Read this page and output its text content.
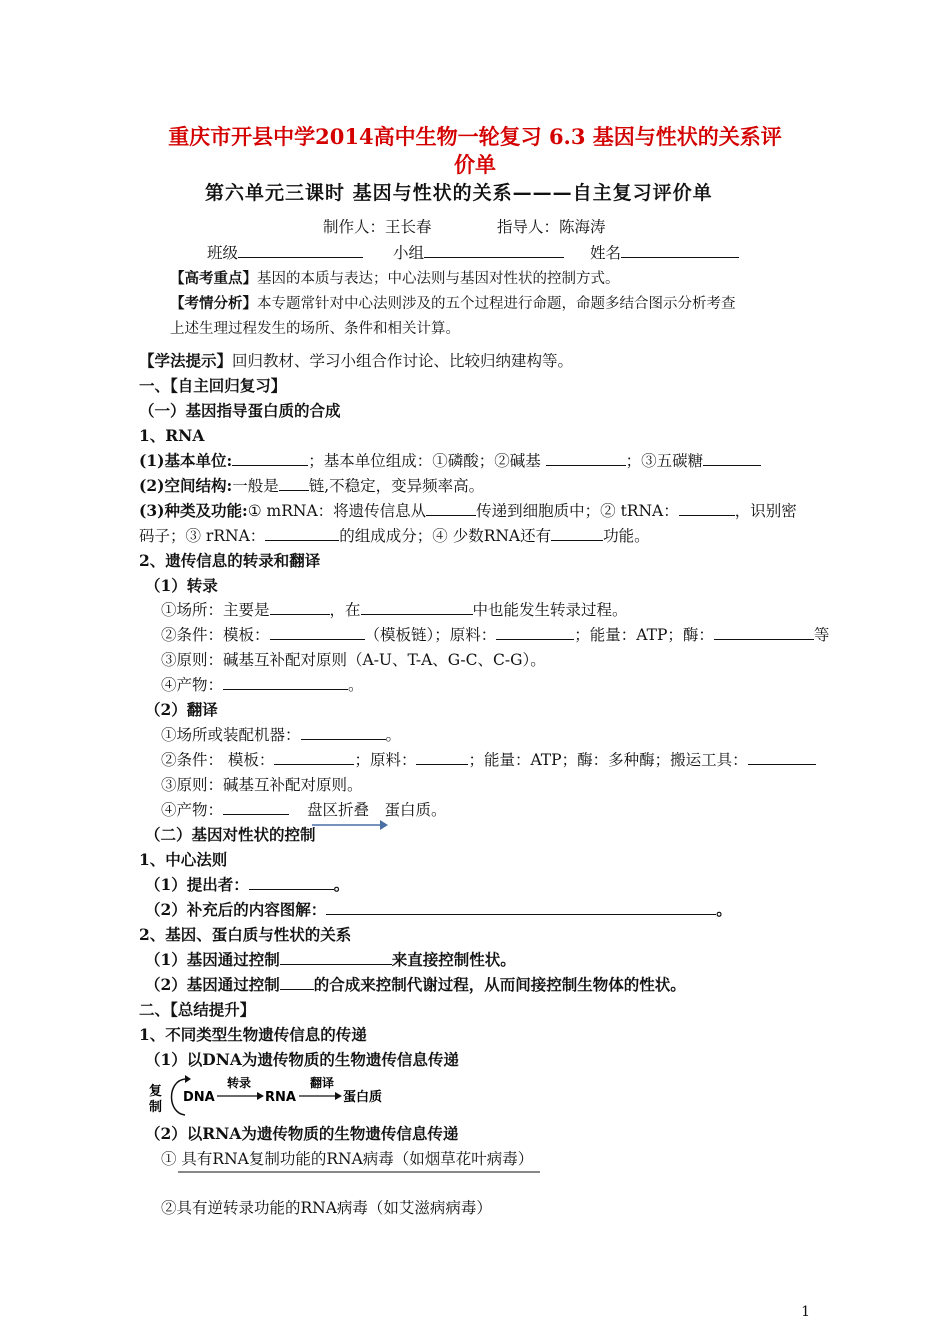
重庆市开县中学2014高中生物一轮复习 6.3 基因与性状的关系评
价单
第六单元三课时 基因与性状的关系———自主复习评价单
制作人：王长春	指导人：陈海涛
班级	小组	姓名
【高考重点】基因的本质与表达；中心法则与基因对性状的控制方式。
【考情分析】本专题常针对中心法则涉及的五个过程进行命题，命题多结合图示分析考查
上述生理过程发生的场所、条件和相关计算。
【学法提示】回归教材、学习小组合作讨论、比较归纳建构等。
一、【自主回归复习】
（一）基因指导蛋白质的合成
1、RNA
(1)基本单位:	；基本单位组成：①磷酸；②碱基	；③五碳糖
(2)空间结构:一般是 链,不稳定，变异频率高。
(3)种类及功能:① mRNA：将遗传信息从	传递到细胞质中；② tRNA：	，识别密
码子；③ rRNA：	的组成成分；④ 少数RNA还有	功能。
2、遗传信息的转录和翻译
（1）转录
①场所：主要是	，在	中也能发生转录过程。
②条件：模板：	（模板链）；原料：	；能量：ATP；酶：	等
③原则：碱基互补配对原则（A-U、T-A、G-C、C-G）。
④产物：	。
（2）翻译
①场所或装配机器：	。
②条件： 模板：	；原料：	；能量：ATP；酶：多种酶；搬运工具：
③原则：碱基互补配对原则。
④产物：	盘区折叠　蛋白质。
（二）基因对性状的控制
1、中心法则
（1）提出者：	。
（2）补充后的内容图解：	。
2、基因、蛋白质与性状的关系
（1）基因通过控制	来直接控制性状。
（2）基因通过控制 的合成来控制代谢过程，从而间接控制生物体的性状。
二、【总结提升】
1、不同类型生物遗传信息的传递
（1）以DNA为遗传物质的生物遗传信息传递
复
制
DNA
转录
RNA
翻译
蛋白质
（2）以RNA为遗传物质的生物遗传信息传递
① 具有RNA复制功能的RNA病毒（如烟草花叶病毒）
②具有逆转录功能的RNA病毒（如艾滋病病毒）
1
